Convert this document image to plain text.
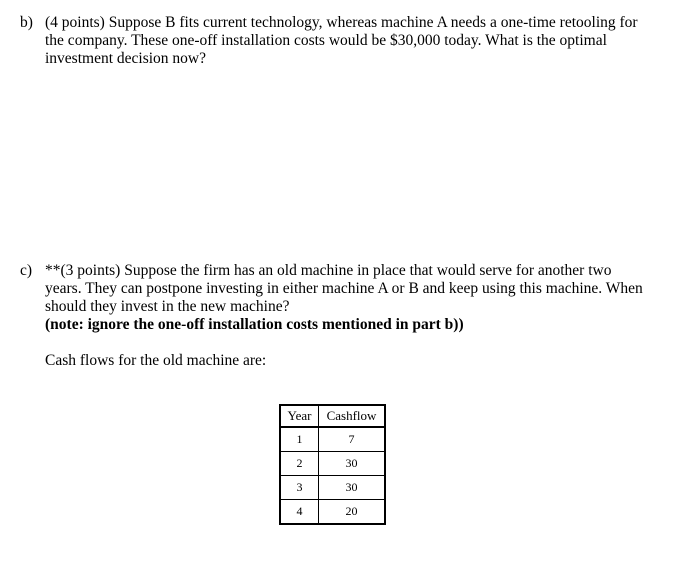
b) (4 points) Suppose B fits current technology, whereas machine A needs a one-time retooling for the company. These one-off installation costs would be $30,000 today. What is the optimal investment decision now?

c) **(3 points) Suppose the firm has an old machine in place that would serve for another two years. They can postpone investing in either machine A or B and keep using this machine. When should they invest in the new machine?

(note: ignore the one-off installation costs mentioned in part b))

Cash flows for the old machine are:
Year	Cashflow
1	7
2	30
3	30
4	20
